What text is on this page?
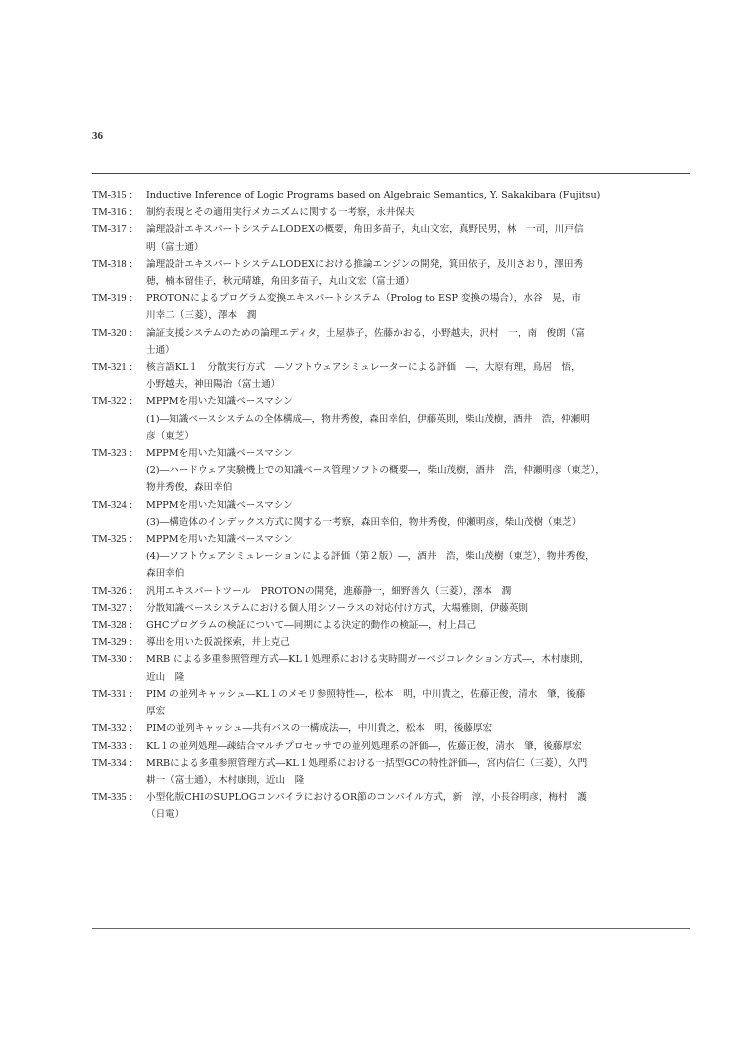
36
TM-315 :	Inductive Inference of Logic Programs based on Algebraic Semantics, Y. Sakakibara (Fujitsu)
TM-316 :	制約表現とその適用実行メカニズムに関する一考察，永井保夫
TM-317 :	論理設計エキスパートシステムLODEXの概要，角田多苗子，丸山文宏，真野民男，林　一司，川戸信
明（富士通）
TM-318 :	論理設計エキスパートシステムLODEXにおける推論エンジンの開発，箕田依子，及川さおり，澤田秀
穂，楠本留佳子，秋元晴雄，角田多苗子，丸山文宏（富士通）
TM-319 :	PROTONによるプログラム変換エキスパートシステム（Prolog to ESP 変換の場合），水谷　晃，市
川幸二（三菱），澤本　潤
TM-320 :	論証支援システムのための論理エディタ，土屋恭子，佐藤かおる，小野越夫，沢村　一，南　俊朗（富
士通）
TM-321 :	核言語KL１　分散実行方式　―ソフトウェアシミュレーターによる評価　―，大原有理，鳥居　悟，
小野越夫，神田陽治（富士通）
TM-322 :	MPPMを用いた知識ベースマシン
(1)―知識ベースシステムの全体構成―，物井秀俊，森田幸伯，伊藤英則，柴山茂樹，酒井　浩，仲瀬明
彦（東芝）
TM-323 :	MPPMを用いた知識ベースマシン
(2)―ハードウェア実験機上での知識ベース管理ソフトの概要―，柴山茂樹，酒井　浩，仲瀬明彦（東芝），
物井秀俊，森田幸伯
TM-324 :	MPPMを用いた知識ベースマシン
(3)―構造体のインデックス方式に関する一考察，森田幸伯，物井秀俊，仲瀬明彦，柴山茂樹（東芝）
TM-325 :	MPPMを用いた知識ベースマシン
(4)―ソフトウェアシミュレーションによる評価（第２版）―，酒井　浩，柴山茂樹（東芝），物井秀俊，
森田幸伯
TM-326 :	汎用エキスパートツール　PROTONの開発，進藤静一，細野善久（三菱），澤本　潤
TM-327 :	分散知識ベースシステムにおける個人用シソーラスの対応付け方式，大場雅則，伊藤英則
TM-328 :	GHCプログラムの検証について―同期による決定的動作の検証―，村上昌己
TM-329 :	導出を用いた仮説探索，井上克己
TM-330 :	MRB による多重参照管理方式―KL１処理系における実時間ガーベジコレクション方式―，木村康則，
近山　隆
TM-331 :	PIM の並列キャッシュ―KL１のメモリ参照特性―，松本　明，中川貴之，佐藤正俊，清水　肇，後藤
厚宏
TM-332 :	PIMの並列キャッシュ―共有バスの一構成法―，中川貴之，松本　明，後藤厚宏
TM-333 :	KL１の並列処理―疎結合マルチプロセッサでの並列処理系の評価―，佐藤正俊，清水　肇，後藤厚宏
TM-334 :	MRBによる多重参照管理方式―KL１処理系における一括型GCの特性評価―，宮内信仁（三菱），久門
耕一（富士通），木村康則，近山　隆
TM-335 :	小型化版CHIのSUPLOGコンパイラにおけるOR節のコンパイル方式，新　淳，小長谷明彦，梅村　護
（日電）
